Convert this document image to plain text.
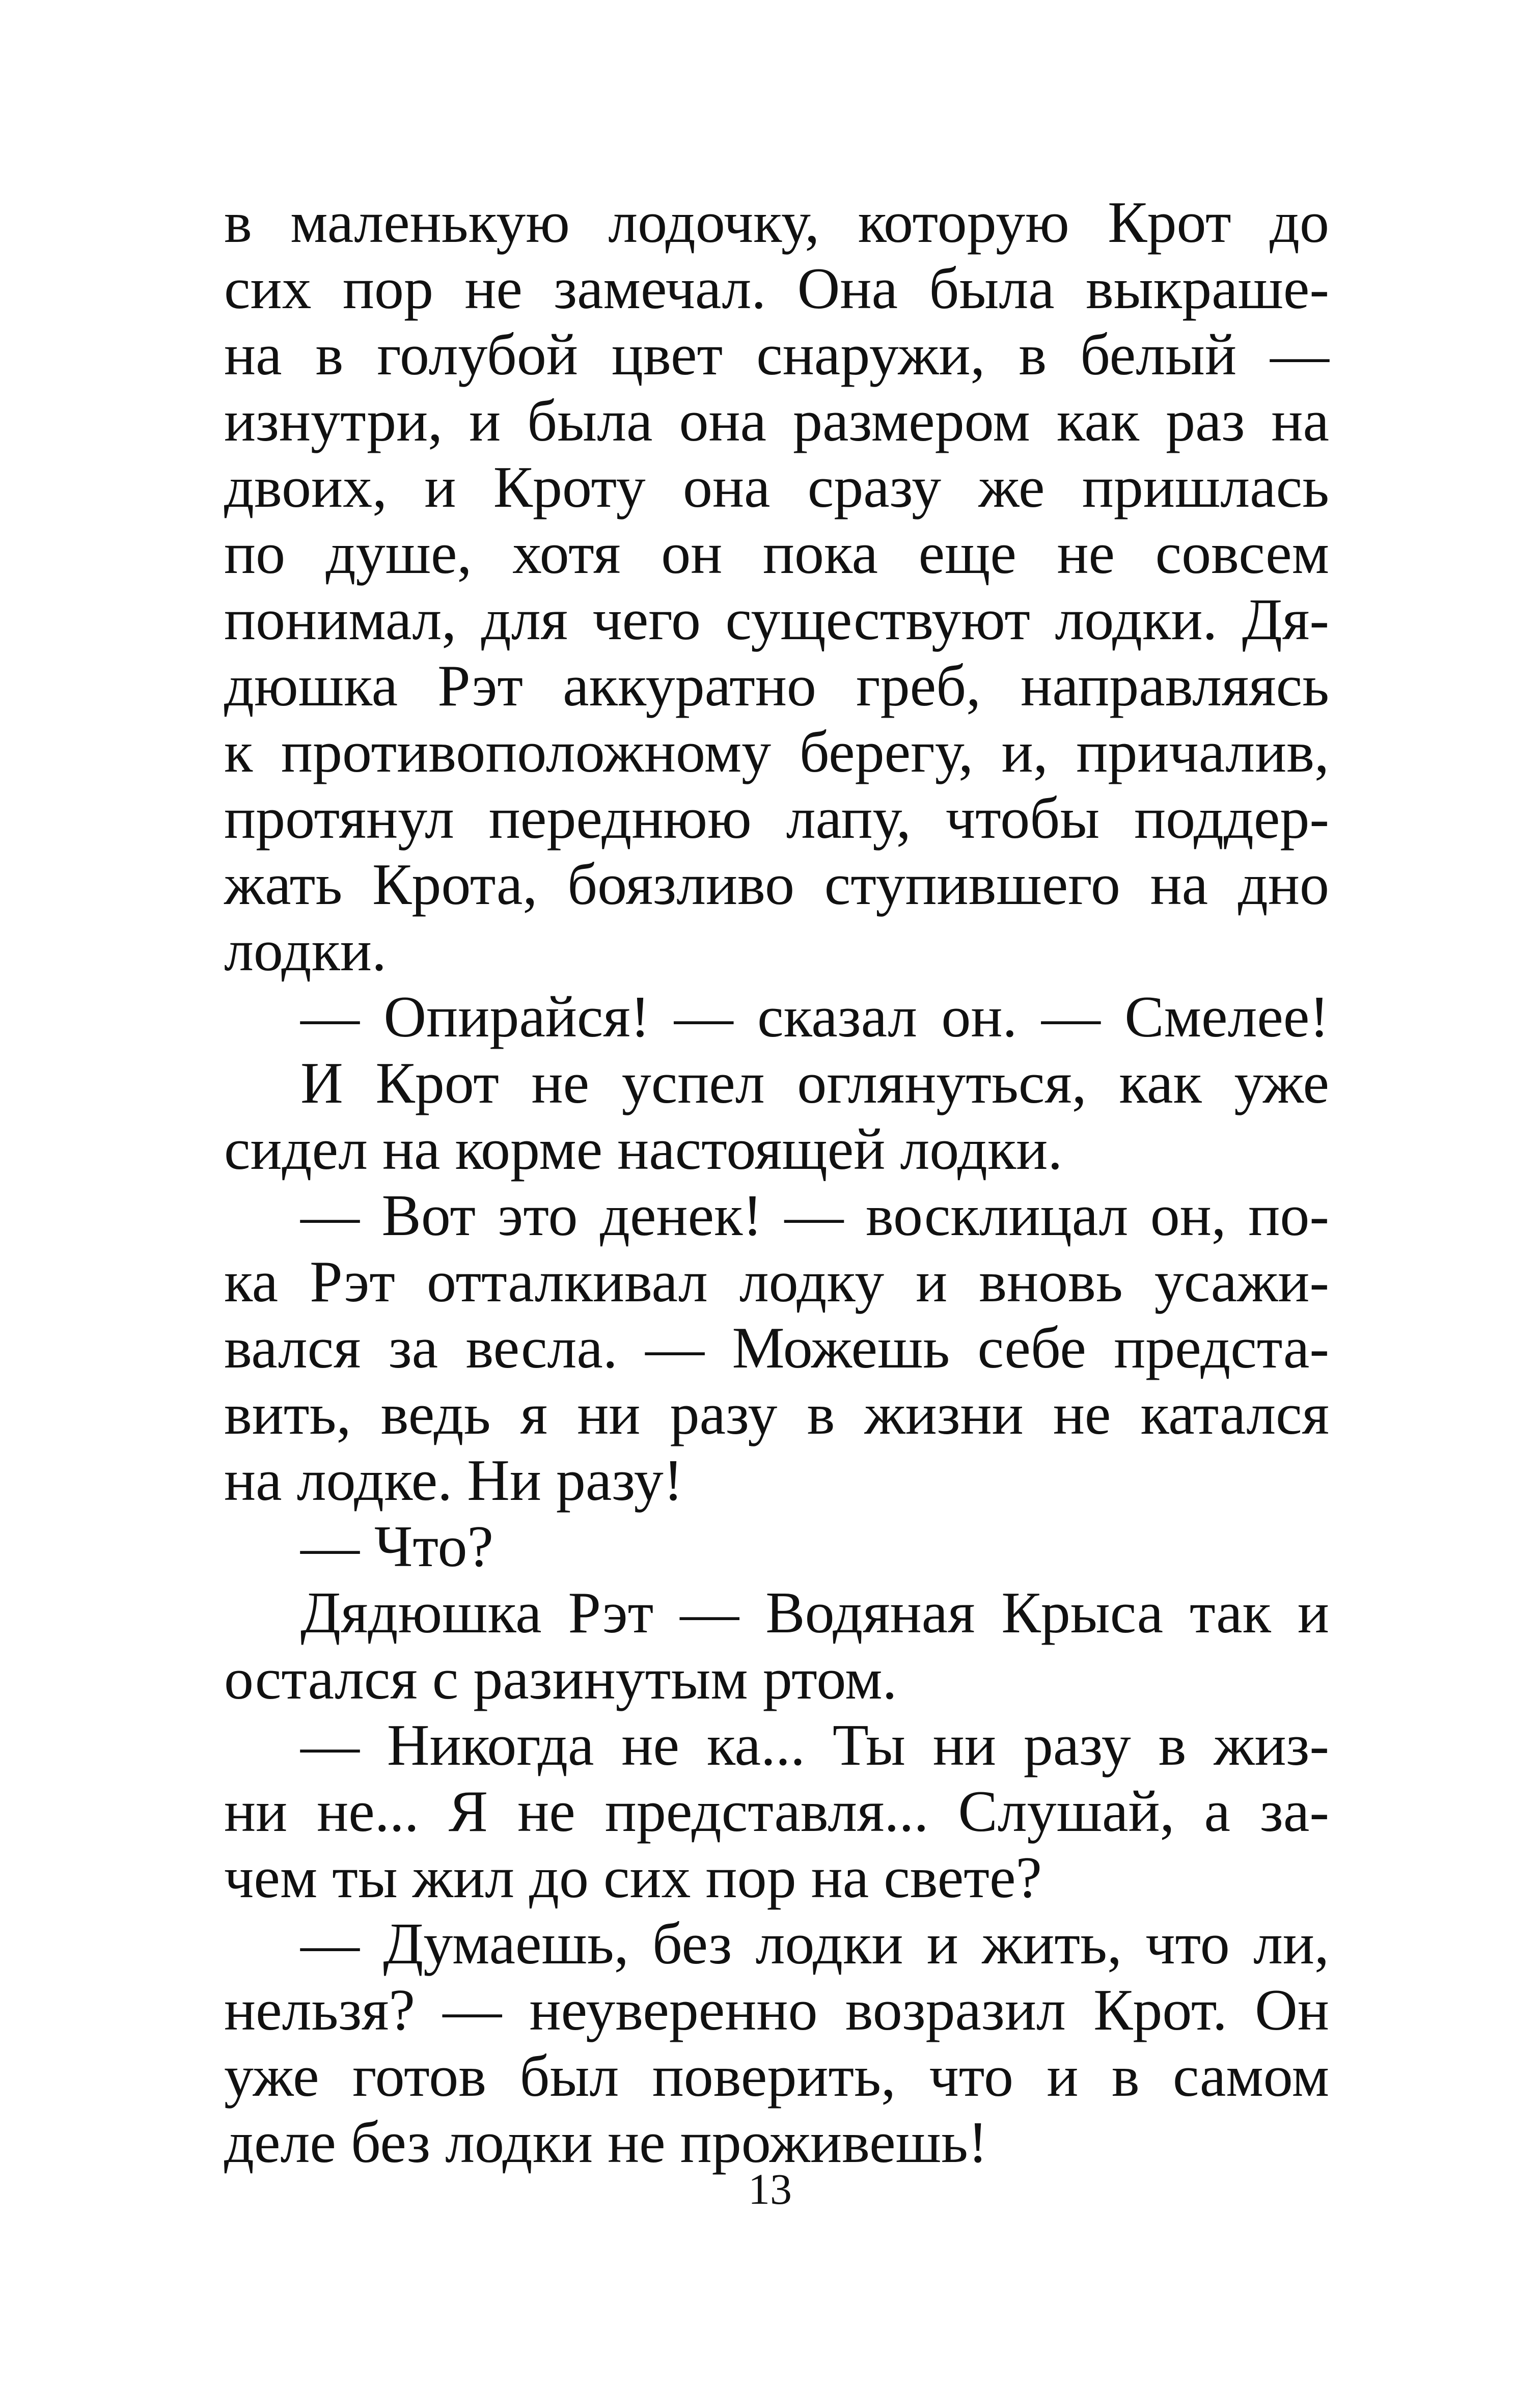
в маленькую лодочку, которую Крот до
сих пор не замечал. Она была выкраше-
на в голубой цвет снаружи, в белый —
изнутри, и была она размером как раз на
двоих, и Кроту она сразу же пришлась
по душе, хотя он пока еще не совсем
понимал, для чего существуют лодки. Дя-
дюшка Рэт аккуратно греб, направляясь
к противоположному берегу, и, причалив,
протянул переднюю лапу, чтобы поддер-
жать Крота, боязливо ступившего на дно
лодки.
— Опирайся! — сказал он. — Смелее!
И Крот не успел оглянуться, как уже
сидел на корме настоящей лодки.
— Вот это денек! — восклицал он, по-
ка Рэт отталкивал лодку и вновь усажи-
вался за весла. — Можешь себе предста-
вить, ведь я ни разу в жизни не катался
на лодке. Ни разу!
— Что?
Дядюшка Рэт — Водяная Крыса так и
остался с разинутым ртом.
— Никогда не ка... Ты ни разу в жиз-
ни не... Я не представля... Слушай, а за-
чем ты жил до сих пор на свете?
— Думаешь, без лодки и жить, что ли,
нельзя? — неуверенно возразил Крот. Он
уже готов был поверить, что и в самом
деле без лодки не проживешь!
13
